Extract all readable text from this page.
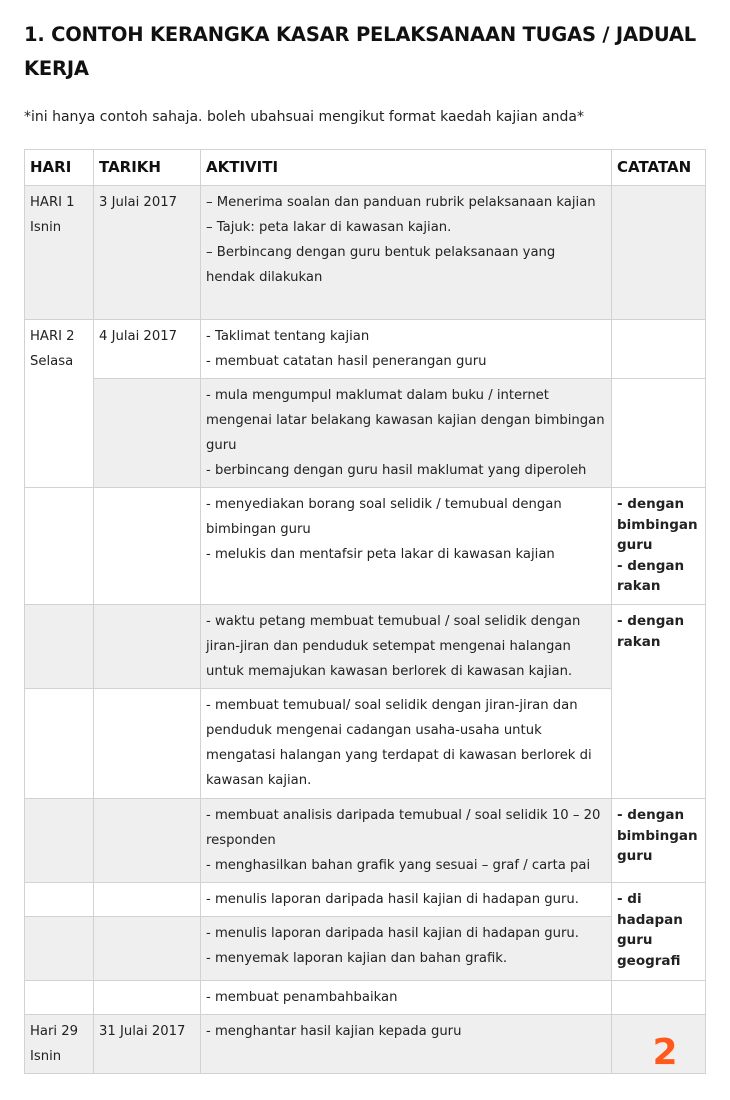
1. CONTOH KERANGKA KASAR PELAKSANAAN TUGAS / JADUAL KERJA

*ini hanya contoh sahaja. boleh ubahsuai mengikut format kaedah kajian anda*

HARI	TARIKH	AKTIVITI	CATATAN

HARI 1
Isnin	3 Julai 2017	– Menerima soalan dan panduan rubrik pelaksanaan kajian
– Tajuk: peta lakar di kawasan kajian.
– Berbincang dengan guru bentuk pelaksanaan yang hendak dilakukan	

HARI 2
Selasa	4 Julai 2017	- Taklimat tentang kajian
- membuat catatan hasil penerangan guru	

		- mula mengumpul maklumat dalam buku / internet mengenai latar belakang kawasan kajian dengan bimbingan guru
- berbincang dengan guru hasil maklumat yang diperoleh	

		- menyediakan borang soal selidik / temubual dengan bimbingan guru
- melukis dan mentafsir peta lakar di kawasan kajian	- dengan bimbingan guru
- dengan rakan

		- waktu petang membuat temubual / soal selidik dengan jiran-jiran dan penduduk setempat mengenai halangan untuk memajukan kawasan berlorek di kawasan kajian.	- dengan rakan

		- membuat temubual/ soal selidik dengan jiran-jiran dan penduduk mengenai cadangan usaha-usaha untuk mengatasi halangan yang terdapat di kawasan berlorek di kawasan kajian.	

		- membuat analisis daripada temubual / soal selidik 10 – 20 responden
- menghasilkan bahan grafik yang sesuai – graf / carta pai	- dengan bimbingan guru

		- menulis laporan daripada hasil kajian di hadapan guru.	- di hadapan guru geografi

		- menulis laporan daripada hasil kajian di hadapan guru.
- menyemak laporan kajian dan bahan grafik.	

		- membuat penambahbaikan	

Hari 29
Isnin	31 Julai 2017	- menghantar hasil kajian kepada guru	

2
